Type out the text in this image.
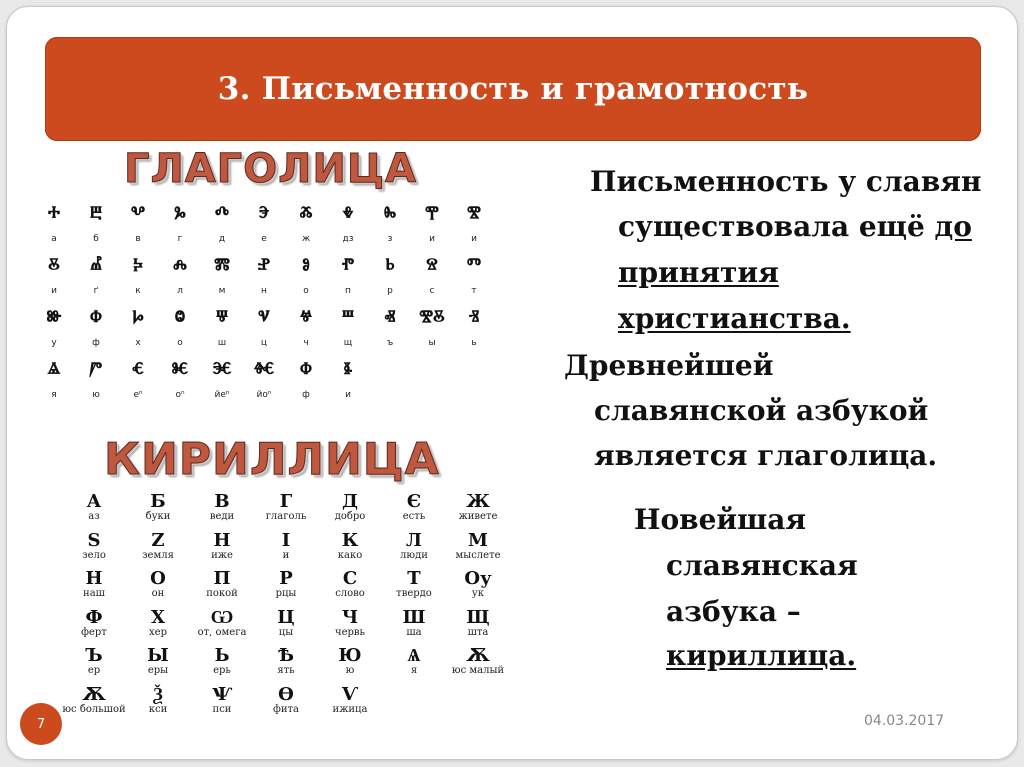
3. Письменность и грамотность
ГЛАГОЛИЦА
ⰰ
а
ⰱ
б
ⰲ
в
ⰳ
г
ⰴ
д
ⰵ
е
ⰶ
ж
ⰷ
дз
ⰸ
з
ⰹ
и
ⰺ
и
ⰻ
и
ⰼ
ґ
ⰽ
к
ⰾ
л
ⰿ
м
ⱀ
н
ⱁ
о
ⱂ
п
ⱃ
р
ⱄ
с
ⱅ
т
ⱆ
у
ⱇ
ф
ⱈ
х
ⱉ
о
ⱋ
ш
ⱌ
ц
ⱍ
ч
ⱎ
щ
ⱏ
ъ
ⰺⰻ
ы
ⱐ
ь
ⱑ
я
ⱓ
ю
ⱔ
еⁿ
ⱘ
оⁿ
ⱗ
йеⁿ
ⱙ
йоⁿ
ⱇ
ф
ⱛ
и
КИРИЛЛИЦА
А
аз
Б
буки
В
веди
Г
глаголь
Д
добро
Є
есть
Ж
живете
Ѕ
зело
Z
земля
Н
иже
І
и
К
како
Л
люди
М
мыслете
Н
наш
О
он
П
покой
Р
рцы
С
слово
Т
твердо
Оу
ук
Ф
ферт
Х
хер
Ѡ
от, омега
Ц
цы
Ч
червь
Ш
ша
Щ
шта
Ъ
ер
Ы
еры
Ь
ерь
Ѣ
ять
Ю
ю
Ѧ
я
Ѫ
юс малый
Ѫ
юс большой
Ѯ
кси
Ѱ
пси
Ѳ
фита
Ѵ
ижица
Письменность у славян
существовала ещё до
принятия
христианства.
Древнейшей
славянской азбукой
является глаголица.
Новейшая
славянская
азбука –
кириллица.
7	04.03.2017
